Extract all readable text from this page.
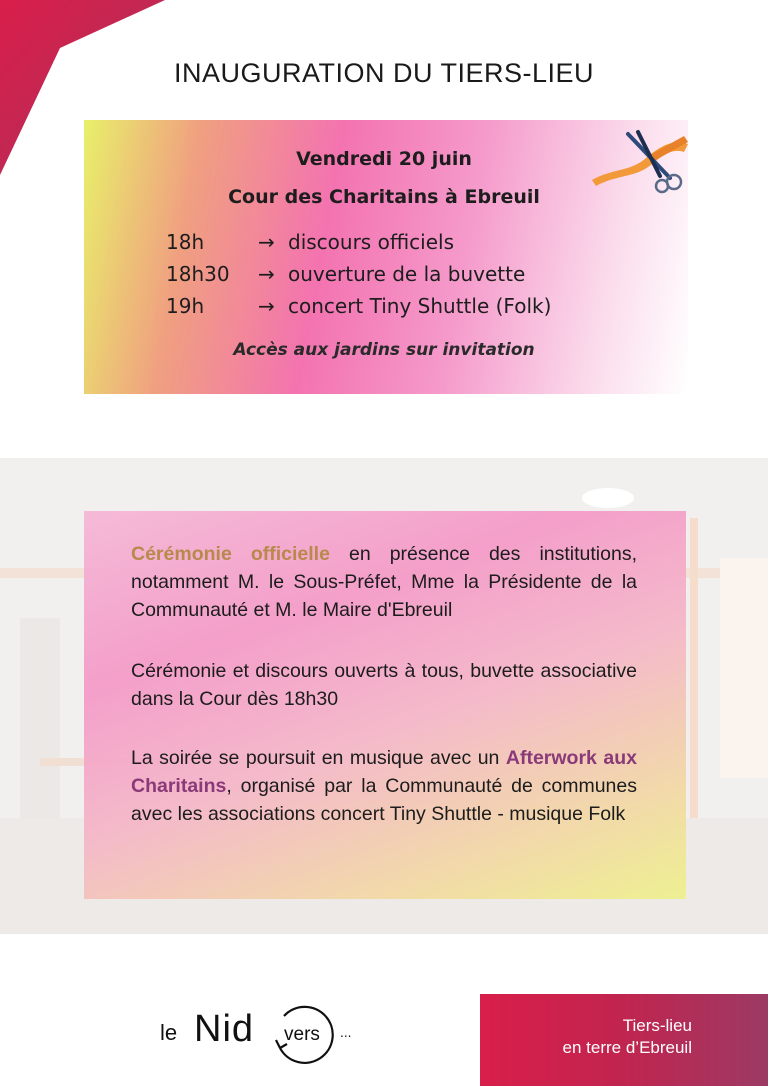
INAUGURATION DU TIERS-LIEU
Vendredi 20 juin
Cour des Charitains à Ebreuil
18h	→ discours officiels
18h30 → ouverture de la buvette
19h	→ concert Tiny Shuttle (Folk)
Accès aux jardins sur invitation
Cérémonie officielle en présence des institutions, notamment M. le Sous-Préfet, Mme la Présidente de la Communauté et M. le Maire d'Ebreuil
Cérémonie et discours ouverts à tous, buvette associative dans la Cour dès 18h30
La soirée se poursuit en musique avec un Afterwork aux Charitains, organisé par la Communauté de communes avec les associations concert Tiny Shuttle - musique Folk
le Nid vers ...	Tiers-lieu
en terre d’Ebreuil
